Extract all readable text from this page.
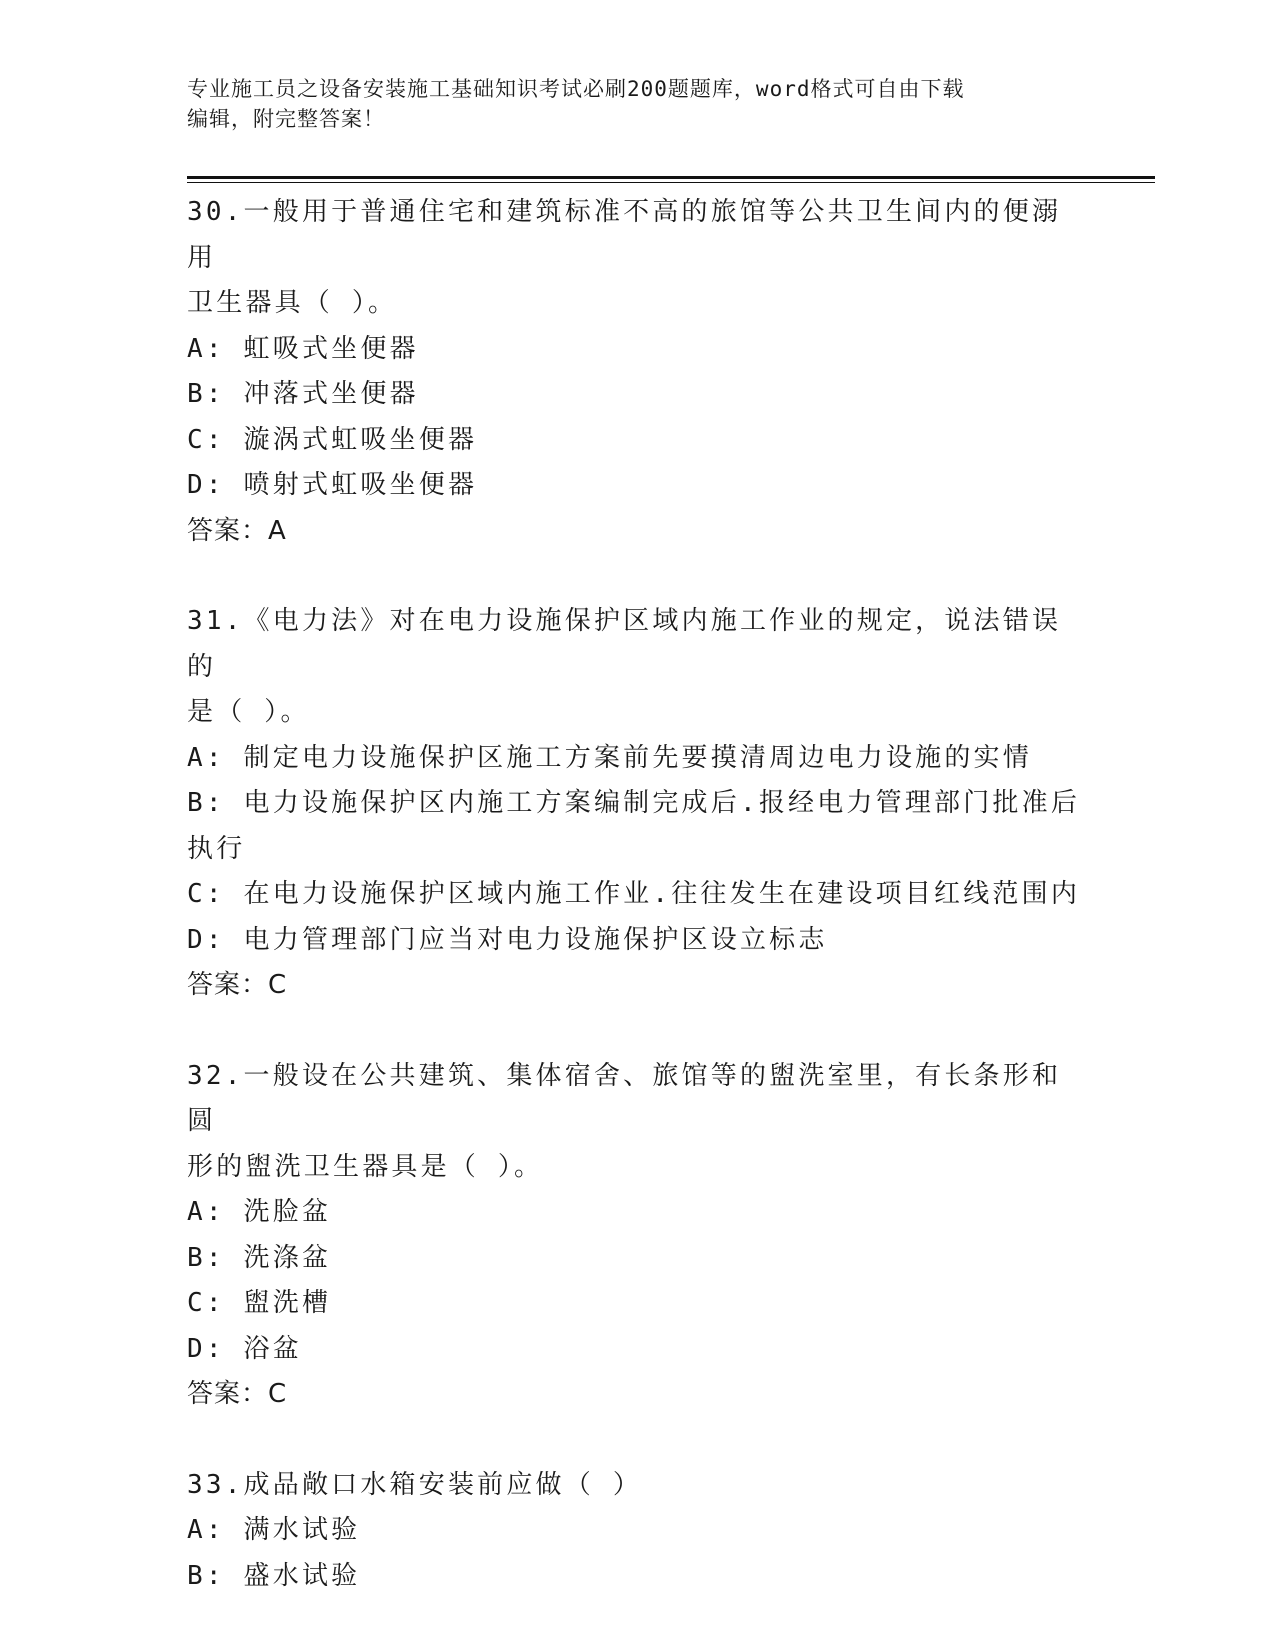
专业施工员之设备安装施工基础知识考试必刷200题题库，word格式可自由下载
编辑，附完整答案！
30.一般用于普通住宅和建筑标准不高的旅馆等公共卫生间内的便溺用
卫生器具（ ）。
A: 虹吸式坐便器
B: 冲落式坐便器
C: 漩涡式虹吸坐便器
D: 喷射式虹吸坐便器
答案：A
31.《电力法》对在电力设施保护区域内施工作业的规定，说法错误的
是（ ）。
A: 制定电力设施保护区施工方案前先要摸清周边电力设施的实情
B: 电力设施保护区内施工方案编制完成后.报经电力管理部门批准后
执行
C: 在电力设施保护区域内施工作业.往往发生在建设项目红线范围内
D: 电力管理部门应当对电力设施保护区设立标志
答案：C
32.一般设在公共建筑、集体宿舍、旅馆等的盥洗室里，有长条形和圆
形的盥洗卫生器具是（ ）。
A: 洗脸盆
B: 洗涤盆
C: 盥洗槽
D: 浴盆
答案：C
33.成品敞口水箱安装前应做（ ）
A: 满水试验
B: 盛水试验
